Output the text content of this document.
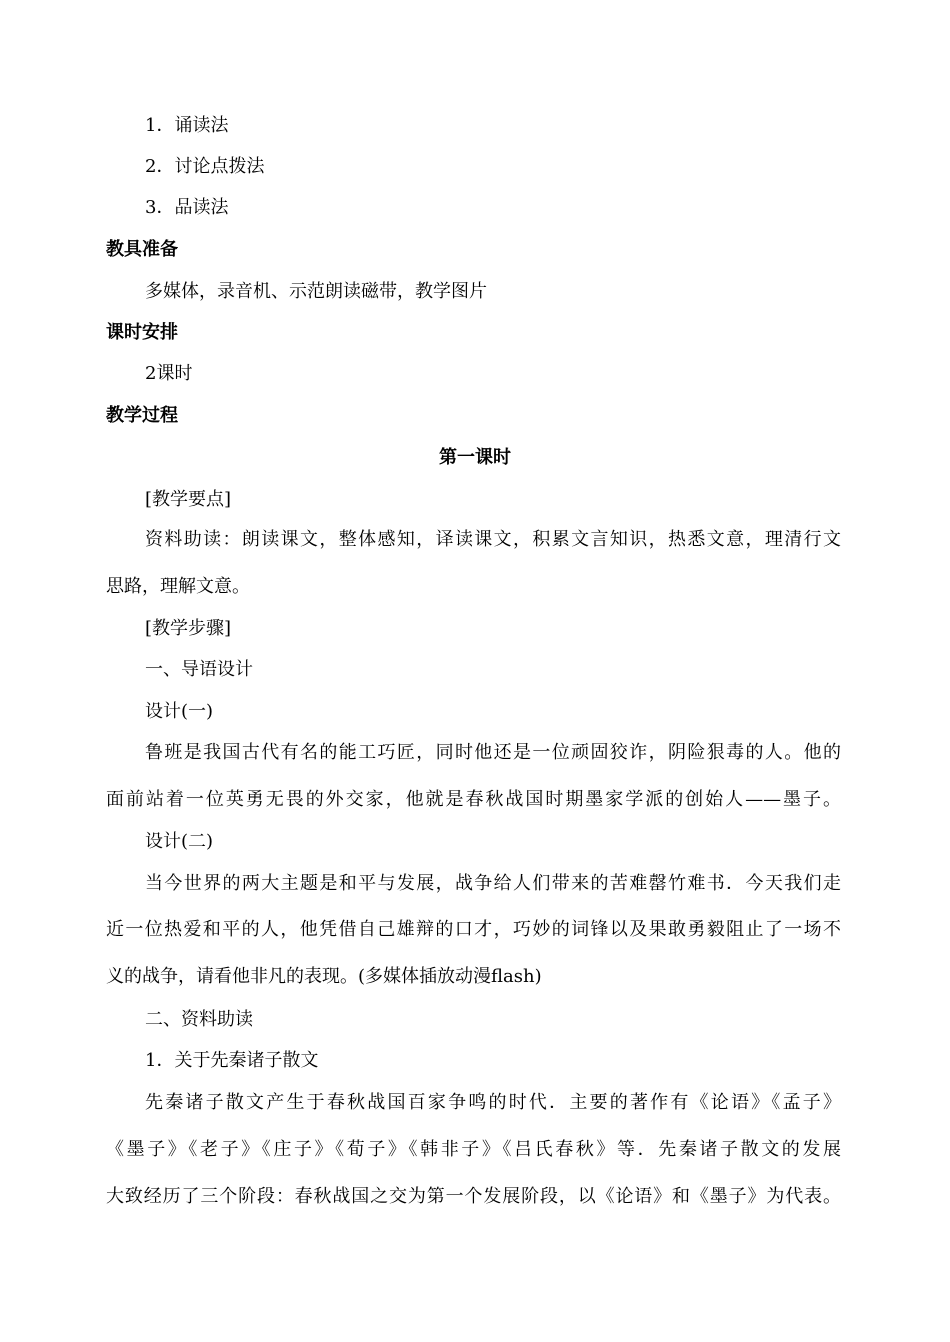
1．诵读法
2．讨论点拨法
3．品读法
教具准备
多媒体，录音机、示范朗读磁带，教学图片
课时安排
2课时
教学过程
第一课时
[教学要点]
资料助读：朗读课文，整体感知，译读课文，积累文言知识，热悉文意，理清行文
思路，理解文意。
[教学步骤]
一、导语设计
设计(一)
鲁班是我国古代有名的能工巧匠，同时他还是一位顽固狡诈，阴险狠毒的人。他的
面前站着一位英勇无畏的外交家，他就是春秋战国时期墨家学派的创始人——墨子。
设计(二)
当今世界的两大主题是和平与发展，战争给人们带来的苦难罄竹难书．今天我们走
近一位热爱和平的人，他凭借自己雄辩的口才，巧妙的词锋以及果敢勇毅阻止了一场不
义的战争，请看他非凡的表现。(多媒体插放动漫flash)
二、资料助读
1．关于先秦诸子散文
先秦诸子散文产生于春秋战国百家争鸣的时代．主要的著作有《论语》《孟子》
《墨子》《老子》《庄子》《荀子》《韩非子》《吕氏春秋》等．先秦诸子散文的发展
大致经历了三个阶段：春秋战国之交为第一个发展阶段，以《论语》和《墨子》为代表。
